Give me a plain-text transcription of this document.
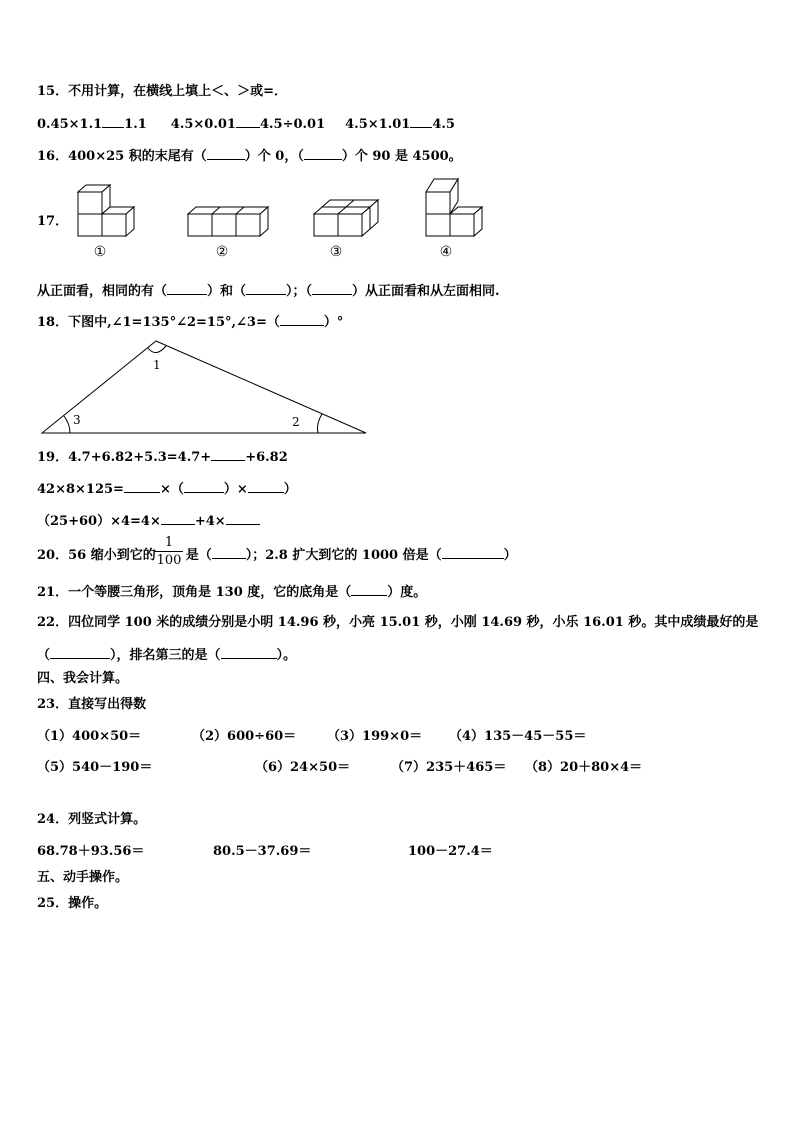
15．不用计算，在横线上填上＜、＞或=．
0.45×1.1 1.1 4.5×0.01 4.5÷0.01 4.5×1.01 4.5
16．400×25 积的末尾有（	）个 0，（	）个 90 是 4500。
17．
①	②	③	④
从正面看，相同的有（	）和（	）；（	）从正面看和从左面相同.
18．下图中,∠1=135°∠2=15°,∠3=（	）°
1
2
3
19．4.7+6.82+5.3=4.7+	+6.82
42×8×125=	×（	）×	）
（25+60）×4=4×	+4×
20．56 缩小到它的 是（	）；2.8 扩大到它的 1000 倍是（	）
1
100
21．一个等腰三角形，顶角是 130 度，它的底角是（	）度。
22．四位同学 100 米的成绩分别是小明 14.96 秒，小亮 15.01 秒，小刚 14.69 秒，小乐 16.01 秒。其中成绩最好的是
（	），排名第三的是（	）。
四、我会计算。
23．直接写出得数
（1）400×50＝	（2）600÷60＝ （3）199×0＝ （4）135－45－55＝
（5）540－190＝	（6）24×50＝	（7）235＋465＝ （8）20＋80×4＝
24．列竖式计算。
68.78＋93.56＝	80.5－37.69＝	100－27.4＝
五、动手操作。
25．操作。
